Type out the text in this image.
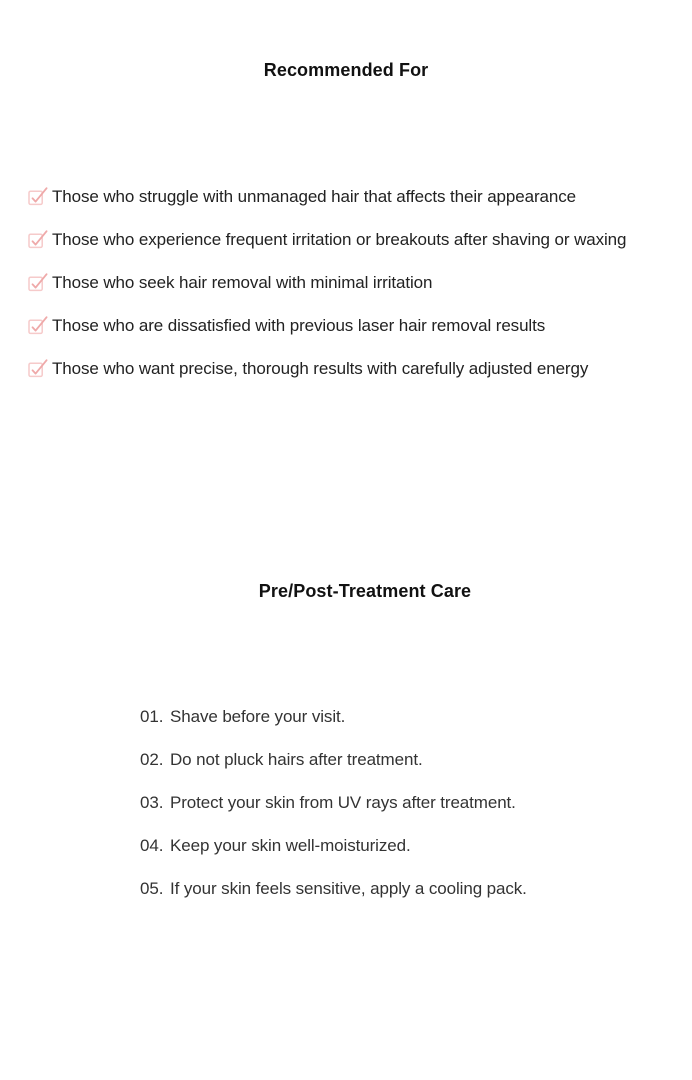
Recommended For
Those who struggle with unmanaged hair that affects their appearance
Those who experience frequent irritation or breakouts after shaving or waxing
Those who seek hair removal with minimal irritation
Those who are dissatisfied with previous laser hair removal results
Those who want precise, thorough results with carefully adjusted energy
Pre/Post-Treatment Care
01. Shave before your visit.
02. Do not pluck hairs after treatment.
03. Protect your skin from UV rays after treatment.
04. Keep your skin well-moisturized.
05. If your skin feels sensitive, apply a cooling pack.
